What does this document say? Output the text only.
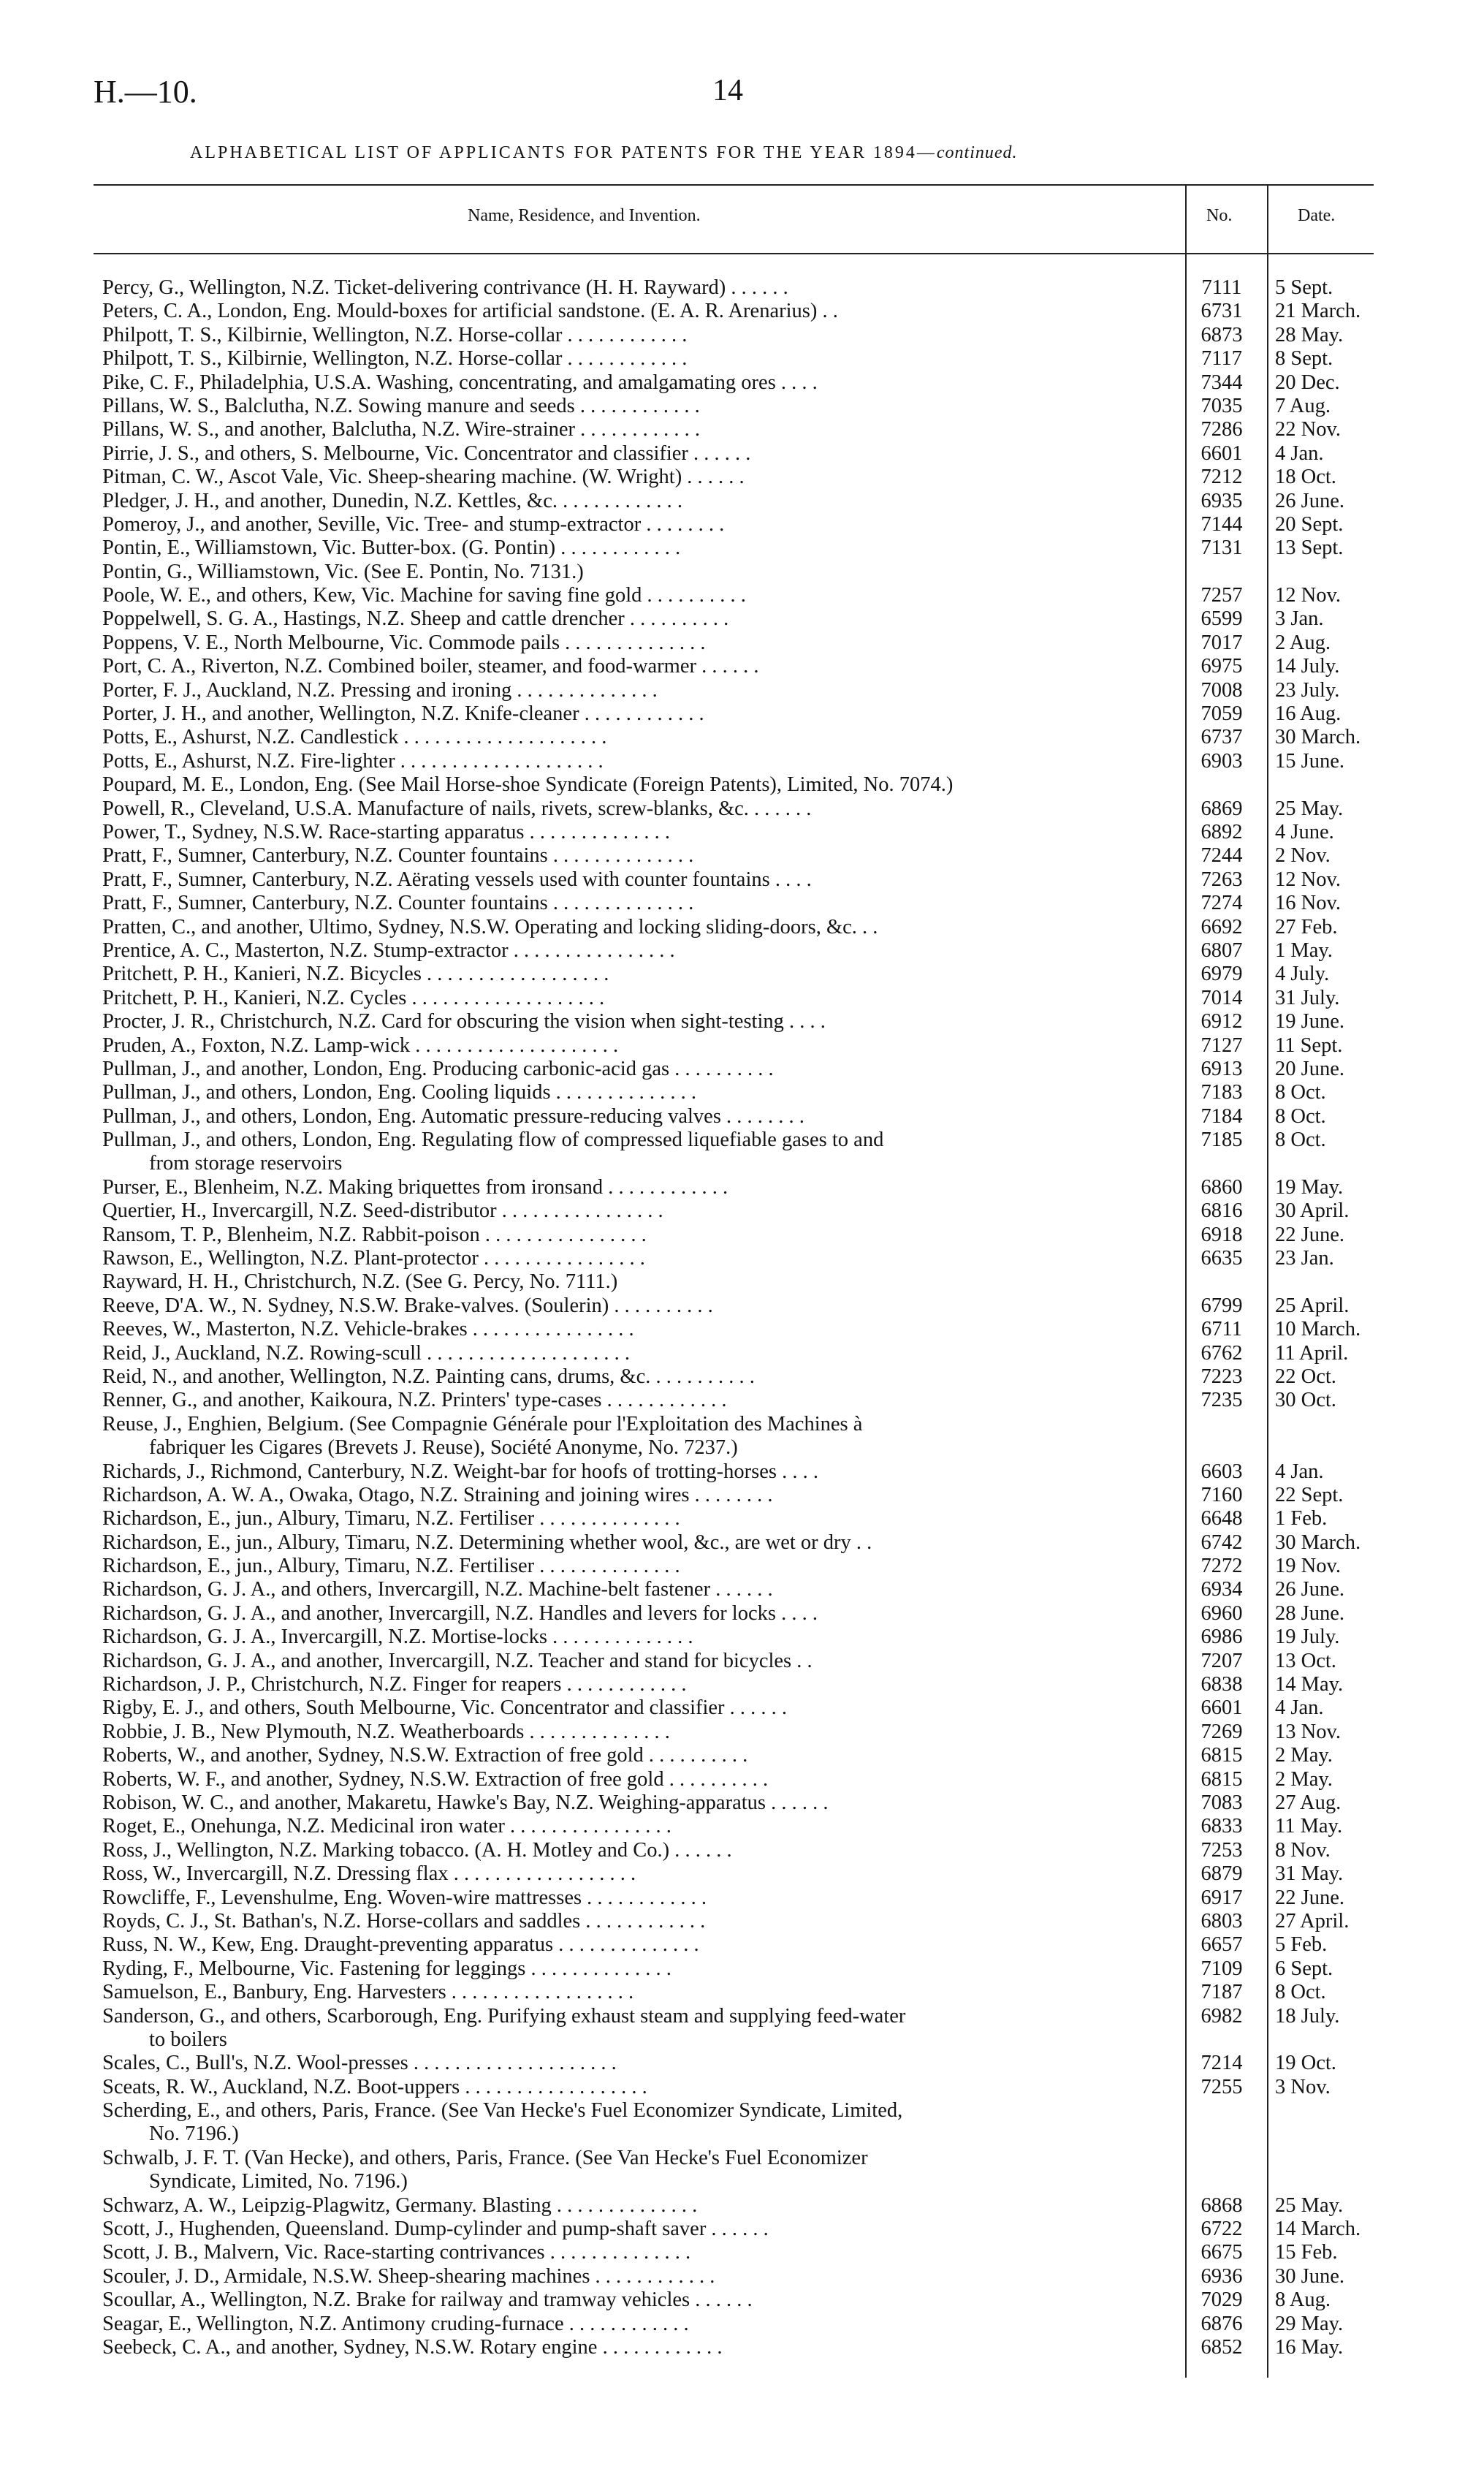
H.—10.	14
ALPHABETICAL LIST OF APPLICANTS FOR PATENTS FOR THE YEAR 1894—continued.
Name, Residence, and Invention.	No.	Date.
Percy, G., Wellington, N.Z. Ticket-delivering contrivance (H. H. Rayward) . . . . . .	7111	5 Sept.
Peters, C. A., London, Eng. Mould-boxes for artificial sandstone. (E. A. R. Arenarius) . .	6731	21 March.
Philpott, T. S., Kilbirnie, Wellington, N.Z. Horse-collar . . . . . . . . . . . .	6873	28 May.
Philpott, T. S., Kilbirnie, Wellington, N.Z. Horse-collar . . . . . . . . . . . .	7117	8 Sept.
Pike, C. F., Philadelphia, U.S.A. Washing, concentrating, and amalgamating ores . . . .	7344	20 Dec.
Pillans, W. S., Balclutha, N.Z. Sowing manure and seeds . . . . . . . . . . . .	7035	7 Aug.
Pillans, W. S., and another, Balclutha, N.Z. Wire-strainer . . . . . . . . . . . .	7286	22 Nov.
Pirrie, J. S., and others, S. Melbourne, Vic. Concentrator and classifier . . . . . .	6601	4 Jan.
Pitman, C. W., Ascot Vale, Vic. Sheep-shearing machine. (W. Wright) . . . . . .	7212	18 Oct.
Pledger, J. H., and another, Dunedin, N.Z. Kettles, &c. . . . . . . . . . . . .	6935	26 June.
Pomeroy, J., and another, Seville, Vic. Tree- and stump-extractor . . . . . . . .	7144	20 Sept.
Pontin, E., Williamstown, Vic. Butter-box. (G. Pontin) . . . . . . . . . . . .	7131	13 Sept.
Pontin, G., Williamstown, Vic. (See E. Pontin, No. 7131.)
Poole, W. E., and others, Kew, Vic. Machine for saving fine gold . . . . . . . . . .	7257	12 Nov.
Poppelwell, S. G. A., Hastings, N.Z. Sheep and cattle drencher . . . . . . . . . .	6599	3 Jan.
Poppens, V. E., North Melbourne, Vic. Commode pails . . . . . . . . . . . . . .	7017	2 Aug.
Port, C. A., Riverton, N.Z. Combined boiler, steamer, and food-warmer . . . . . .	6975	14 July.
Porter, F. J., Auckland, N.Z. Pressing and ironing . . . . . . . . . . . . . .	7008	23 July.
Porter, J. H., and another, Wellington, N.Z. Knife-cleaner . . . . . . . . . . . .	7059	16 Aug.
Potts, E., Ashurst, N.Z. Candlestick . . . . . . . . . . . . . . . . . . . .	6737	30 March.
Potts, E., Ashurst, N.Z. Fire-lighter . . . . . . . . . . . . . . . . . . . .	6903	15 June.
Poupard, M. E., London, Eng. (See Mail Horse-shoe Syndicate (Foreign Patents), Limited, No. 7074.)
Powell, R., Cleveland, U.S.A. Manufacture of nails, rivets, screw-blanks, &c. . . . . . .	6869	25 May.
Power, T., Sydney, N.S.W. Race-starting apparatus . . . . . . . . . . . . . .	6892	4 June.
Pratt, F., Sumner, Canterbury, N.Z. Counter fountains . . . . . . . . . . . . . .	7244	2 Nov.
Pratt, F., Sumner, Canterbury, N.Z. Aërating vessels used with counter fountains . . . .	7263	12 Nov.
Pratt, F., Sumner, Canterbury, N.Z. Counter fountains . . . . . . . . . . . . . .	7274	16 Nov.
Pratten, C., and another, Ultimo, Sydney, N.S.W. Operating and locking sliding-doors, &c. . .	6692	27 Feb.
Prentice, A. C., Masterton, N.Z. Stump-extractor . . . . . . . . . . . . . . . .	6807	1 May.
Pritchett, P. H., Kanieri, N.Z. Bicycles . . . . . . . . . . . . . . . . . .	6979	4 July.
Pritchett, P. H., Kanieri, N.Z. Cycles . . . . . . . . . . . . . . . . . . .	7014	31 July.
Procter, J. R., Christchurch, N.Z. Card for obscuring the vision when sight-testing . . . .	6912	19 June.
Pruden, A., Foxton, N.Z. Lamp-wick . . . . . . . . . . . . . . . . . . . .	7127	11 Sept.
Pullman, J., and another, London, Eng. Producing carbonic-acid gas . . . . . . . . . .	6913	20 June.
Pullman, J., and others, London, Eng. Cooling liquids . . . . . . . . . . . . . .	7183	8 Oct.
Pullman, J., and others, London, Eng. Automatic pressure-reducing valves . . . . . . . .	7184	8 Oct.
Pullman, J., and others, London, Eng. Regulating flow of compressed liquefiable gases to and	7185	8 Oct.
from storage reservoirs
Purser, E., Blenheim, N.Z. Making briquettes from ironsand . . . . . . . . . . . .	6860	19 May.
Quertier, H., Invercargill, N.Z. Seed-distributor . . . . . . . . . . . . . . . .	6816	30 April.
Ransom, T. P., Blenheim, N.Z. Rabbit-poison . . . . . . . . . . . . . . . .	6918	22 June.
Rawson, E., Wellington, N.Z. Plant-protector . . . . . . . . . . . . . . . .	6635	23 Jan.
Rayward, H. H., Christchurch, N.Z. (See G. Percy, No. 7111.)
Reeve, D'A. W., N. Sydney, N.S.W. Brake-valves. (Soulerin) . . . . . . . . . .	6799	25 April.
Reeves, W., Masterton, N.Z. Vehicle-brakes . . . . . . . . . . . . . . . .	6711	10 March.
Reid, J., Auckland, N.Z. Rowing-scull . . . . . . . . . . . . . . . . . . . .	6762	11 April.
Reid, N., and another, Wellington, N.Z. Painting cans, drums, &c. . . . . . . . . . .	7223	22 Oct.
Renner, G., and another, Kaikoura, N.Z. Printers' type-cases . . . . . . . . . . . .	7235	30 Oct.
Reuse, J., Enghien, Belgium. (See Compagnie Générale pour l'Exploitation des Machines à
fabriquer les Cigares (Brevets J. Reuse), Société Anonyme, No. 7237.)
Richards, J., Richmond, Canterbury, N.Z. Weight-bar for hoofs of trotting-horses . . . .	6603	4 Jan.
Richardson, A. W. A., Owaka, Otago, N.Z. Straining and joining wires . . . . . . . .	7160	22 Sept.
Richardson, E., jun., Albury, Timaru, N.Z. Fertiliser . . . . . . . . . . . . . .	6648	1 Feb.
Richardson, E., jun., Albury, Timaru, N.Z. Determining whether wool, &c., are wet or dry . .	6742	30 March.
Richardson, E., jun., Albury, Timaru, N.Z. Fertiliser . . . . . . . . . . . . . .	7272	19 Nov.
Richardson, G. J. A., and others, Invercargill, N.Z. Machine-belt fastener . . . . . .	6934	26 June.
Richardson, G. J. A., and another, Invercargill, N.Z. Handles and levers for locks . . . .	6960	28 June.
Richardson, G. J. A., Invercargill, N.Z. Mortise-locks . . . . . . . . . . . . . .	6986	19 July.
Richardson, G. J. A., and another, Invercargill, N.Z. Teacher and stand for bicycles . .	7207	13 Oct.
Richardson, J. P., Christchurch, N.Z. Finger for reapers . . . . . . . . . . . .	6838	14 May.
Rigby, E. J., and others, South Melbourne, Vic. Concentrator and classifier . . . . . .	6601	4 Jan.
Robbie, J. B., New Plymouth, N.Z. Weatherboards . . . . . . . . . . . . . .	7269	13 Nov.
Roberts, W., and another, Sydney, N.S.W. Extraction of free gold . . . . . . . . . .	6815	2 May.
Roberts, W. F., and another, Sydney, N.S.W. Extraction of free gold . . . . . . . . . .	6815	2 May.
Robison, W. C., and another, Makaretu, Hawke's Bay, N.Z. Weighing-apparatus . . . . . .	7083	27 Aug.
Roget, E., Onehunga, N.Z. Medicinal iron water . . . . . . . . . . . . . . . .	6833	11 May.
Ross, J., Wellington, N.Z. Marking tobacco. (A. H. Motley and Co.) . . . . . .	7253	8 Nov.
Ross, W., Invercargill, N.Z. Dressing flax . . . . . . . . . . . . . . . . . .	6879	31 May.
Rowcliffe, F., Levenshulme, Eng. Woven-wire mattresses . . . . . . . . . . . .	6917	22 June.
Royds, C. J., St. Bathan's, N.Z. Horse-collars and saddles . . . . . . . . . . . .	6803	27 April.
Russ, N. W., Kew, Eng. Draught-preventing apparatus . . . . . . . . . . . . . .	6657	5 Feb.
Ryding, F., Melbourne, Vic. Fastening for leggings . . . . . . . . . . . . . .	7109	6 Sept.
Samuelson, E., Banbury, Eng. Harvesters . . . . . . . . . . . . . . . . . .	7187	8 Oct.
Sanderson, G., and others, Scarborough, Eng. Purifying exhaust steam and supplying feed-water	6982	18 July.
to boilers
Scales, C., Bull's, N.Z. Wool-presses . . . . . . . . . . . . . . . . . . . .	7214	19 Oct.
Sceats, R. W., Auckland, N.Z. Boot-uppers . . . . . . . . . . . . . . . . . .	7255	3 Nov.
Scherding, E., and others, Paris, France. (See Van Hecke's Fuel Economizer Syndicate, Limited,
No. 7196.)
Schwalb, J. F. T. (Van Hecke), and others, Paris, France. (See Van Hecke's Fuel Economizer
Syndicate, Limited, No. 7196.)
Schwarz, A. W., Leipzig-Plagwitz, Germany. Blasting . . . . . . . . . . . . . .	6868	25 May.
Scott, J., Hughenden, Queensland. Dump-cylinder and pump-shaft saver . . . . . .	6722	14 March.
Scott, J. B., Malvern, Vic. Race-starting contrivances . . . . . . . . . . . . . .	6675	15 Feb.
Scouler, J. D., Armidale, N.S.W. Sheep-shearing machines . . . . . . . . . . . .	6936	30 June.
Scoullar, A., Wellington, N.Z. Brake for railway and tramway vehicles . . . . . .	7029	8 Aug.
Seagar, E., Wellington, N.Z. Antimony cruding-furnace . . . . . . . . . . . .	6876	29 May.
Seebeck, C. A., and another, Sydney, N.S.W. Rotary engine . . . . . . . . . . . .	6852	16 May.
